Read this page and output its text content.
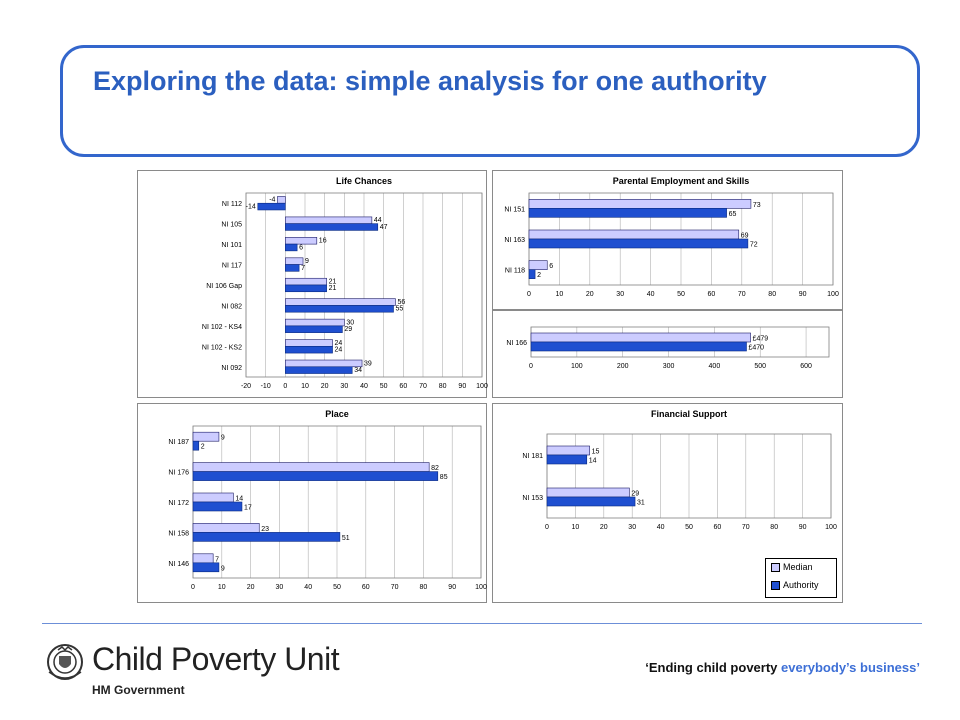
Exploring the data: simple analysis for one authority
Life Chances
-20 -10 0 10 20 30 40 50 60 70 80 90 100
NI 112
-4
-14
NI 105
44
47
NI 101
16
6
NI 117
9
7
NI 106 Gap
21
21
NI 082
56
55
NI 102 - KS4
30
29
NI 102 - KS2
24
24
NI 092
39
34
Parental Employment and Skills
0	10	20	30	40	50	60	70	80	90	100
NI 151
73
65
NI 163
69
72
NI 118
6
2
0	100	200	300	400	500	600
NI 166
£479
£470
Place
0	10	20	30	40	50	60	70	80	90	100
NI 187
9
2
NI 176
82
85
NI 172
14
17
NI 158
23
51
NI 146
7
9
Financial Support
0	10	20	30	40	50	60	70	80	90	100
NI 181
15
14
NI 153
29
31
Median
Authority
Child Poverty Unit
HM Government
‘Ending child poverty everybody’s business’
